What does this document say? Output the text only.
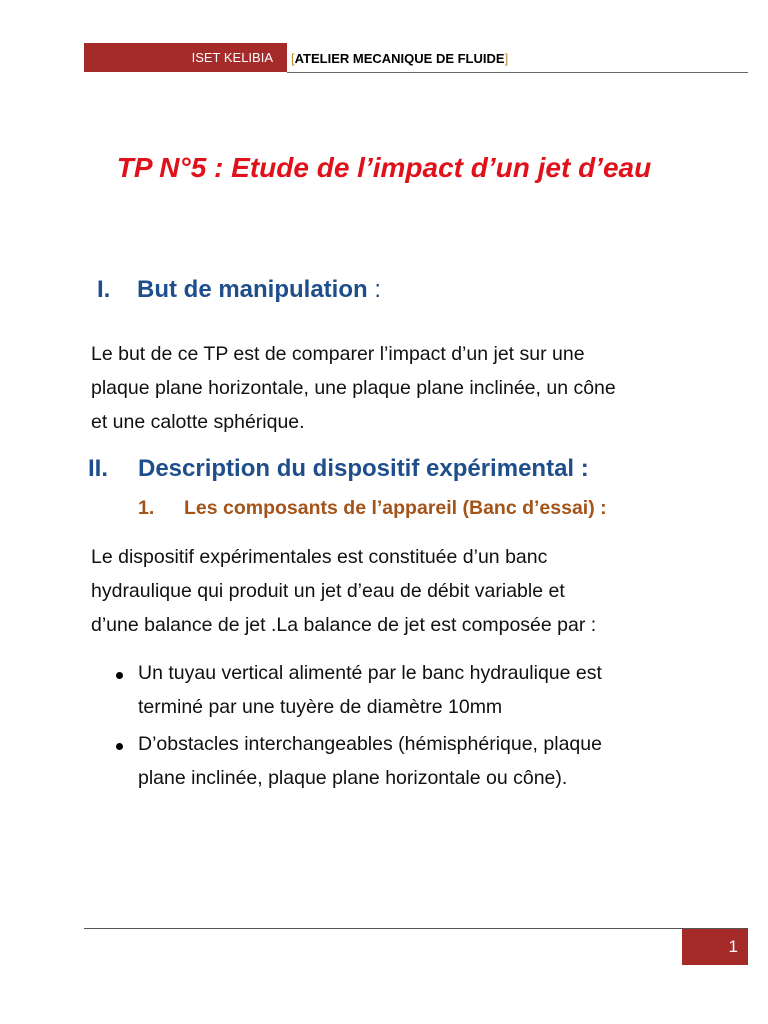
ISET KELIBIA	[ATELIER MECANIQUE DE FLUIDE]
TP N°5 : Etude de l’impact d’un jet d’eau
I. But de manipulation :
Le but de ce TP est de comparer l’impact d’un jet sur une
plaque plane horizontale, une plaque plane inclinée, un cône
et une calotte sphérique.
II. Description du dispositif expérimental :
1. Les composants de l’appareil (Banc d’essai) :
Le dispositif expérimentales est constituée d’un banc
hydraulique qui produit un jet d’eau de débit variable et
d’une balance de jet .La balance de jet est composée par :
Un tuyau vertical alimenté par le banc hydraulique est
terminé par une tuyère de diamètre 10mm
D’obstacles interchangeables (hémisphérique, plaque
plane inclinée, plaque plane horizontale ou cône).
1
